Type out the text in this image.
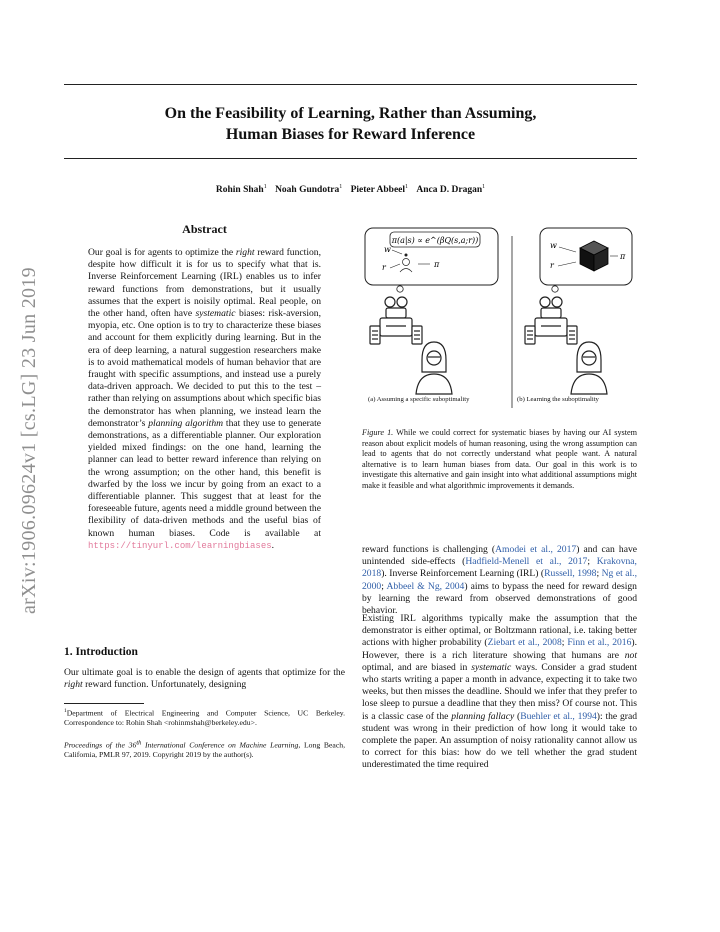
arXiv:1906.09624v1 [cs.LG] 23 Jun 2019
On the Feasibility of Learning, Rather than Assuming,
Human Biases for Reward Inference
Rohin Shah$^1$ Noah Gundotra$^1$ Pieter Abbeel$^1$ Anca D. Dragan$^1$
Abstract
Our goal is for agents to optimize the right reward function, despite how difficult it is for us to specify what that is. Inverse Reinforcement Learning (IRL) enables us to infer reward functions from demonstrations, but it usually assumes that the expert is noisily optimal. Real people, on the other hand, often have systematic biases: risk-aversion, myopia, etc. One option is to try to characterize these biases and account for them explicitly during learning. But in the era of deep learning, a natural suggestion researchers make is to avoid mathematical models of human behavior that are fraught with specific assumptions, and instead use a purely data-driven approach. We decided to put this to the test – rather than relying on assumptions about which specific bias the demonstrator has when planning, we instead learn the demonstrator’s planning algorithm that they use to generate demonstrations, as a differentiable planner. Our exploration yielded mixed findings: on the one hand, learning the planner can lead to better reward inference than relying on the wrong assumption; on the other hand, this benefit is dwarfed by the loss we incur by going from an exact to a differentiable planner. This suggest that at least for the foreseeable future, agents need a middle ground between the flexibility of data-driven methods and the useful bias of known human biases. Code is available at https://tinyurl.com/learningbiases.
1. Introduction
Our ultimate goal is to enable the design of agents that optimize for the right reward function. Unfortunately, designing
$^1$Department of Electrical Engineering and Computer Science, UC Berkeley. Correspondence to: Rohin Shah <rohinmshah@berkeley.edu>.
Proceedings of the 36th International Conference on Machine Learning, Long Beach, California, PMLR 97, 2019. Copyright 2019 by the author(s).
π(a|s) ∝ e^(βQ(s,a;r))
w
r	π
w
r
π
(a) Assuming a specific suboptimality	(b) Learning the suboptimality
Figure 1. While we could correct for systematic biases by having our AI system reason about explicit models of human reasoning, using the wrong assumption can lead to agents that do not correctly understand what people want. A natural alternative is to learn human biases from data. Our goal in this work is to investigate this alternative and gain insight into what additional assumptions might make it feasible and what algorithmic improvements it demands.
reward functions is challenging (Amodei et al., 2017) and can have unintended side-effects (Hadfield-Menell et al., 2017; Krakovna, 2018). Inverse Reinforcement Learning (IRL) (Russell, 1998; Ng et al., 2000; Abbeel & Ng, 2004) aims to bypass the need for reward design by learning the reward from observed demonstrations of good behavior.
Existing IRL algorithms typically make the assumption that the demonstrator is either optimal, or Boltzmann rational, i.e. taking better actions with higher probability (Ziebart et al., 2008; Finn et al., 2016). However, there is a rich literature showing that humans are not optimal, and are biased in systematic ways. Consider a grad student who starts writing a paper a month in advance, expecting it to take two weeks, but then misses the deadline. Should we infer that they prefer to lose sleep to pursue a deadline that they then miss? Of course not. This is a classic case of the planning fallacy (Buehler et al., 1994): the grad student was wrong in their prediction of how long it would take to complete the paper. An assumption of noisy rationality cannot allow us to correct for this bias: how do we tell whether the grad student underestimated the time required
